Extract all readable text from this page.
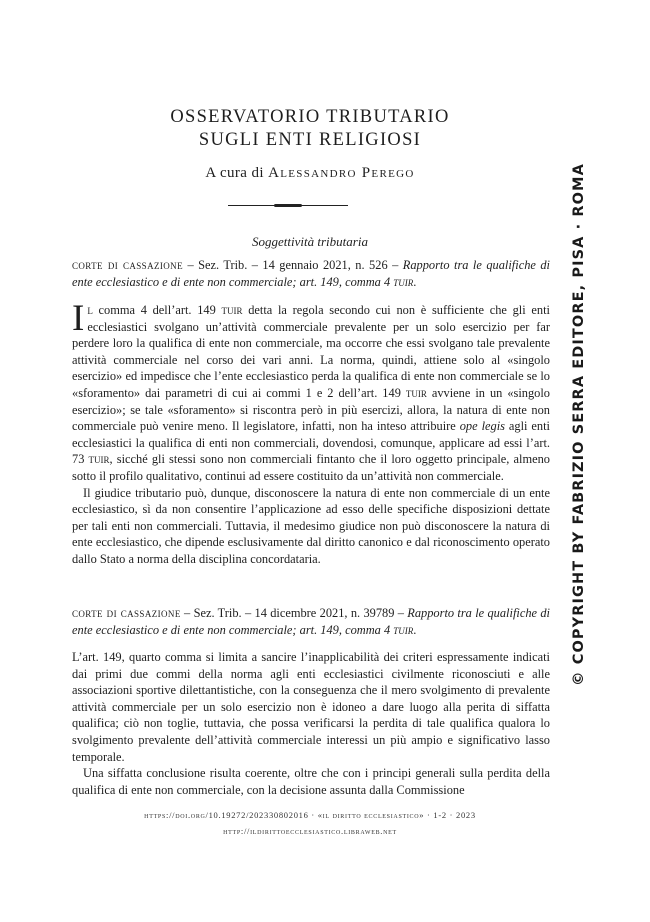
OSSERVATORIO TRIBUTARIO
SUGLI ENTI RELIGIOSI
A cura di Alessandro Perego
Soggettività tributaria
corte di cassazione – Sez. Trib. – 14 gennaio 2021, n. 526 – Rapporto tra le qualifiche di ente ecclesiastico e di ente non commerciale; art. 149, comma 4 tuir.

Il comma 4 dell’art. 149 tuir detta la regola secondo cui non è sufficiente che gli enti ecclesiastici svolgano un’attività commerciale prevalente per un solo esercizio per far perdere loro la qualifica di ente non commerciale, ma occorre che essi svolgano tale prevalente attività commerciale nel corso dei vari anni. La norma, quindi, attiene solo al «singolo esercizio» ed impedisce che l’ente ecclesiastico perda la qualifica di ente non commerciale se lo «sforamento» dai parametri di cui ai commi 1 e 2 dell’art. 149 tuir avviene in un «singolo esercizio»; se tale «sforamento» si riscontra però in più esercizi, allora, la natura di ente non commerciale può venire meno. Il legislatore, infatti, non ha inteso attribuire ope legis agli enti ecclesiastici la qualifica di enti non commerciali, dovendosi, comunque, applicare ad essi l’art. 73 tuir, sicché gli stessi sono non commerciali fintanto che il loro oggetto principale, almeno sotto il profilo qualitativo, continui ad essere costituito da un’attività non commerciale.

Il giudice tributario può, dunque, disconoscere la natura di ente non commerciale di un ente ecclesiastico, sì da non consentire l’applicazione ad esso delle specifiche disposizioni dettate per tali enti non commerciali. Tuttavia, il medesimo giudice non può disconoscere la natura di ente ecclesiastico, che dipende esclusivamente dal diritto canonico e dal riconoscimento operato dallo Stato a norma della disciplina concordataria.

corte di cassazione – Sez. Trib. – 14 dicembre 2021, n. 39789 – Rapporto tra le qualifiche di ente ecclesiastico e di ente non commerciale; art. 149, comma 4 tuir.

L’art. 149, quarto comma si limita a sancire l’inapplicabilità dei criteri espressamente indicati dai primi due commi della norma agli enti ecclesiastici civilmente riconosciuti e alle associazioni sportive dilettantistiche, con la conseguenza che il mero svolgimento di prevalente attività commerciale per un solo esercizio non è idoneo a dare luogo alla perita di siffatta qualifica; ciò non toglie, tuttavia, che possa verificarsi la perdita di tale qualifica qualora lo svolgimento prevalente dell’attività commerciale interessi un più ampio e significativo lasso temporale.

Una siffatta conclusione risulta coerente, oltre che con i principi generali sulla perdita della qualifica di ente non commerciale, con la decisione assunta dalla Commissione

https://doi.org/10.19272/202330802016 · «il diritto ecclesiastico» · 1-2 · 2023
http://ildirittoecclesiastico.libraweb.net
© COPYRIGHT BY FABRIZIO SERRA EDITORE, PISA · ROMA
